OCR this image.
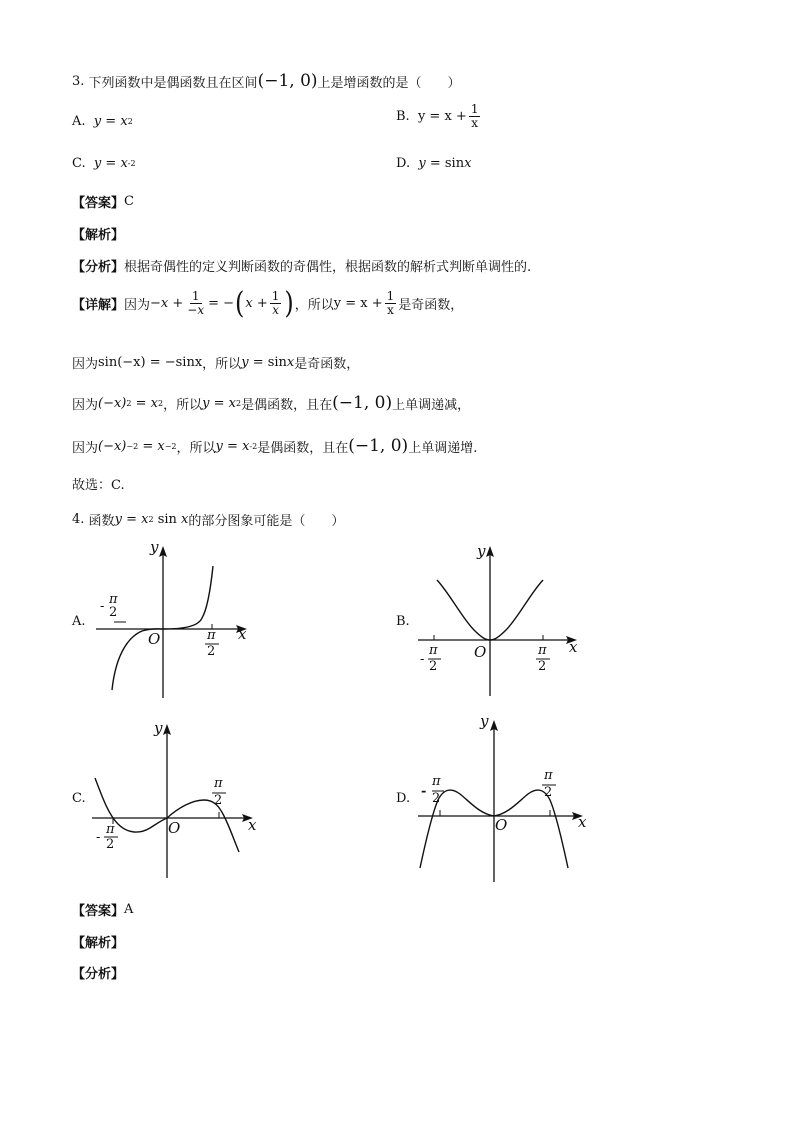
3.
下列函数中是偶函数且在区间 (−1, 0) 上是增函数的是（　　）
A.
y
=
x 2	B.
$y = x + \frac{1}{x}$
C.
y
=
x -2	D.
y
= sin x
【答案】 C
【解析】
【分析】 根据奇偶性的定义判断函数的奇偶性，根据函数的解析式判断单调性的.
【详解】 因为 $-x + \frac{1}{-x}$ = − ( $x + \frac{1}{x}$ ) ，所以 $y = x + \frac{1}{x}$ 是奇函数，
因为 sin(−x) = −sinx ，所以 y
= sin x 是奇函数，
因为 (−x) 2
=
x 2 ，所以 y
=
x 2 是偶函数，且在 (−1, 0) 上单调递减，
因为 (−x) −2
=
x −2 ，所以 y
=
x -2 是偶函数，且在 (−1, 0) 上单调递增.
故选：C.
4.
函数 y
=
x 2
sin
x 的部分图象可能是（　　）
A.
y
x
O
- π
2
π
2
B.
y
x
O
-
π
2
π
2
C.
y
x
O
-
π
2
π
2	D.
y
x
O
-
π
2
π
2
【答案】 A
【解析】
【分析】
